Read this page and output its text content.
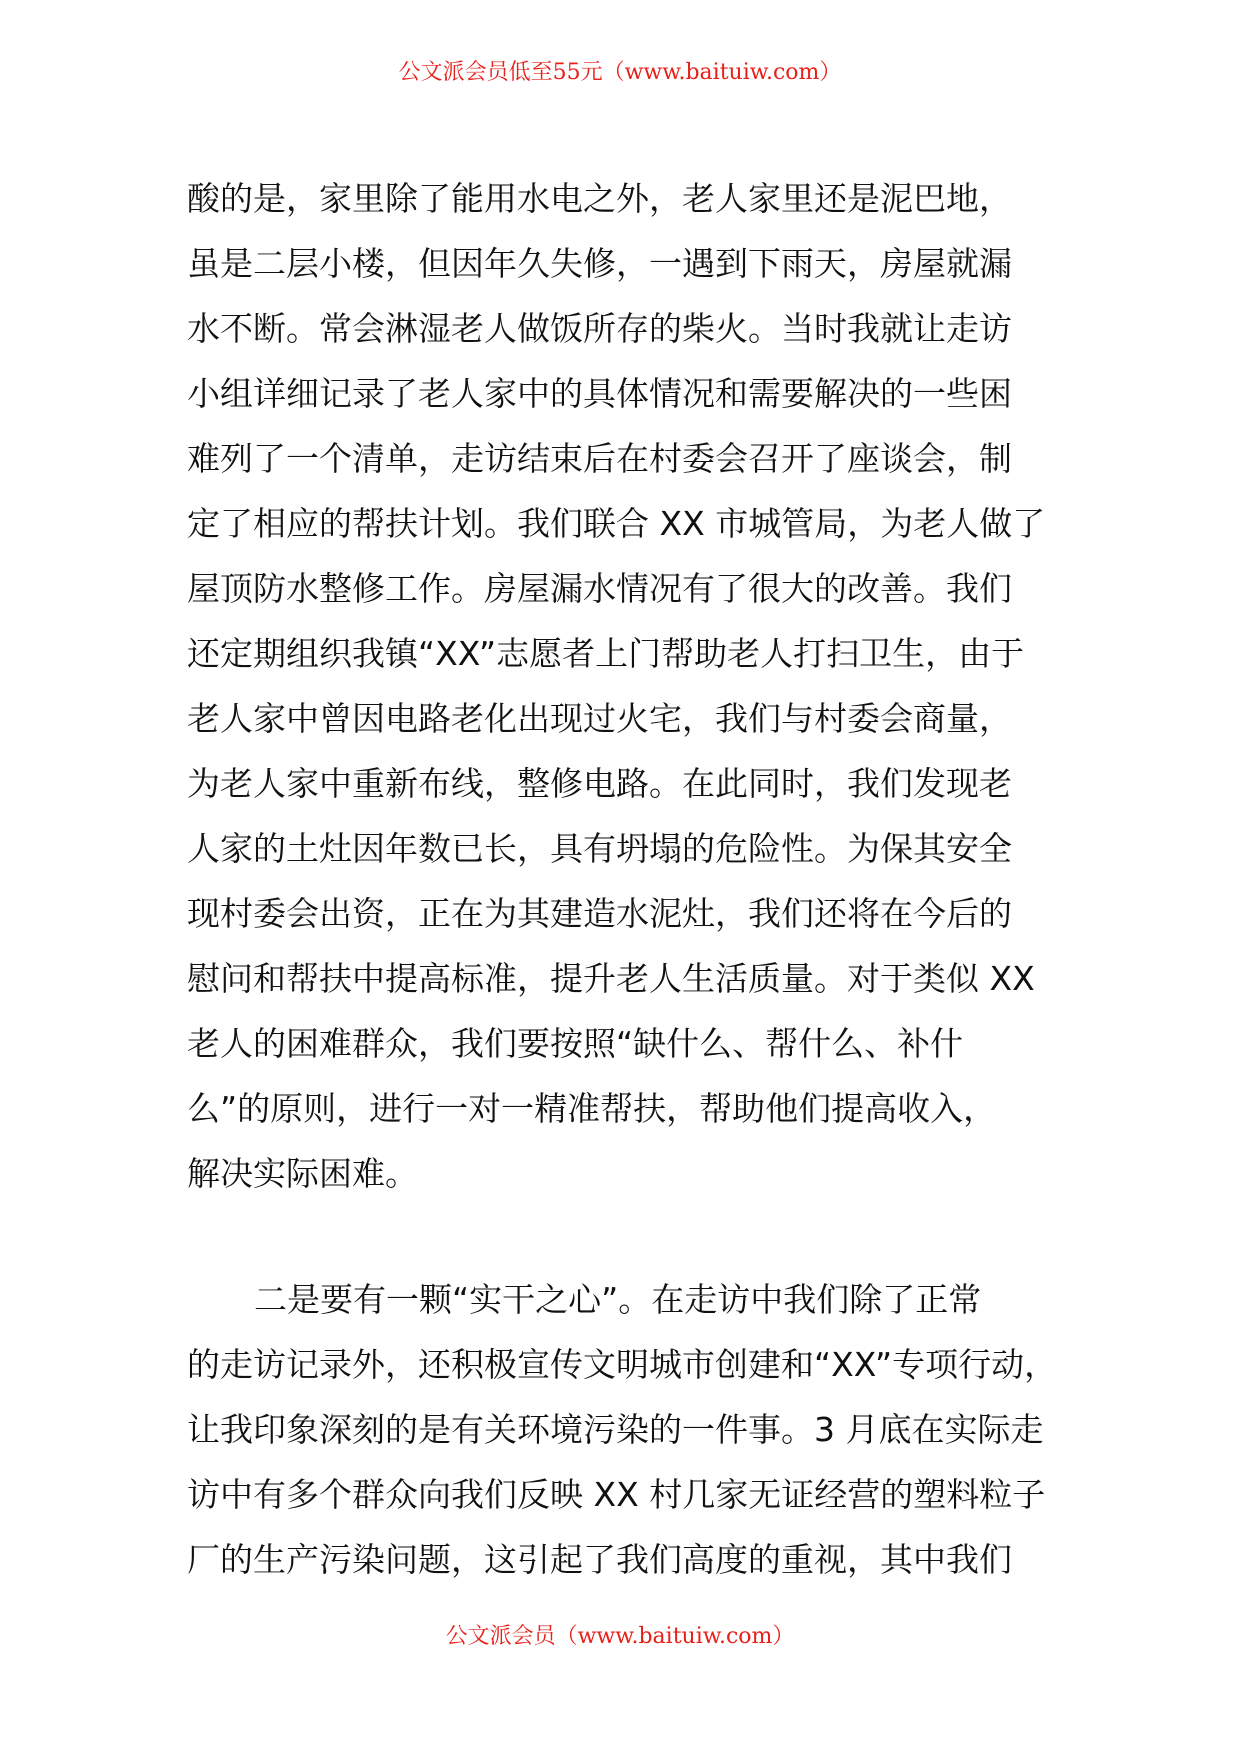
公文派会员低至55元（www.baituiw.com）
酸的是，家里除了能用水电之外，老人家里还是泥巴地，
虽是二层小楼，但因年久失修，一遇到下雨天，房屋就漏
水不断。常会淋湿老人做饭所存的柴火。当时我就让走访
小组详细记录了老人家中的具体情况和需要解决的一些困
难列了一个清单，走访结束后在村委会召开了座谈会，制
定了相应的帮扶计划。我们联合 XX 市城管局，为老人做了
屋顶防水整修工作。房屋漏水情况有了很大的改善。我们
还定期组织我镇“XX”志愿者上门帮助老人打扫卫生，由于
老人家中曾因电路老化出现过火宅，我们与村委会商量，
为老人家中重新布线，整修电路。在此同时，我们发现老
人家的土灶因年数已长，具有坍塌的危险性。为保其安全
现村委会出资，正在为其建造水泥灶，我们还将在今后的
慰问和帮扶中提高标准，提升老人生活质量。对于类似 XX
老人的困难群众，我们要按照“缺什么、帮什么、补什
么”的原则，进行一对一精准帮扶，帮助他们提高收入，
解决实际困难。
二是要有一颗“实干之心”。在走访中我们除了正常
的走访记录外，还积极宣传文明城市创建和“XX”专项行动，
让我印象深刻的是有关环境污染的一件事。3 月底在实际走
访中有多个群众向我们反映 XX 村几家无证经营的塑料粒子
厂的生产污染问题，这引起了我们高度的重视，其中我们
公文派会员（www.baituiw.com）
